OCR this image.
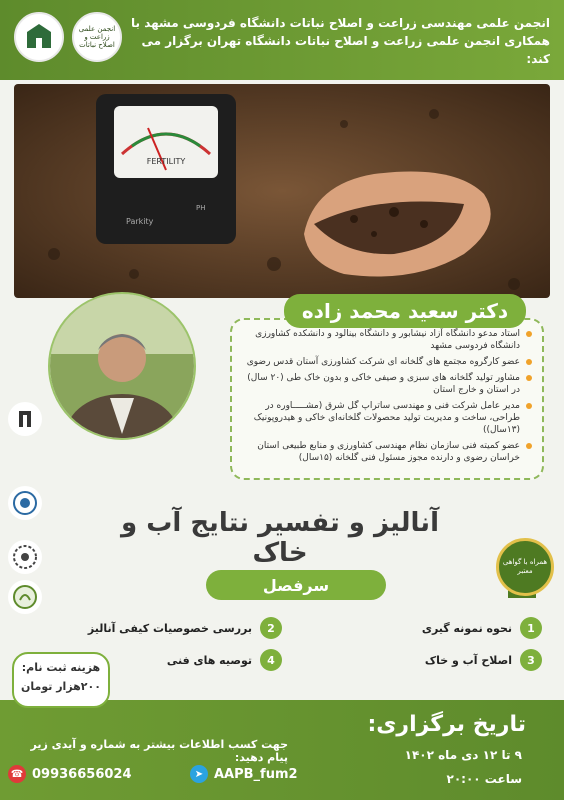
انجمن علمی زراعت و اصلاح نباتات
انجمن علمی مهندسی زراعت و اصلاح نباتات دانشگاه فردوسی مشهد با
همکاری انجمن علمی زراعت و اصلاح نباتات دانشگاه تهران برگزار می کند:
FERTILITY
Parkity
PH
استاد مدعو دانشگاه آزاد نیشابور و دانشگاه بینالود و دانشکده کشاورزی دانشگاه فردوسی مشهد
عضو کارگروه مجتمع های گلخانه ای شرکت کشاورزی آستان قدس رضوی
مشاور تولید گلخانه های سبزی و صیفی خاکی و بدون خاک طی (۲۰ سال) در استان و خارج استان
مدیر عامل شرکت فنی و مهندسی ساتراپ گل شرق (مشـــــاوره در طراحی، ساخت و مدیریت تولید محصولات گلخانه‌ای خاکی و هیدروپونیک (۱۳سال))
عضو کمیته فنی سازمان نظام مهندسی کشاورزی و منابع طبیعی استان خراسان رضوی و دارنده مجوز مسئول فنی گلخانه (۱۵سال)
دکتر سعید محمد زاده
آنالیز و تفسیر نتایج آب و خاک	همراه با گواهی معتبر
سرفصل
1
نحوه نمونه گیری
3
اصلاح آب و خاک
2
بررسی خصوصیات کیفی آنالیز
4
توصیه های فنی
هزینه ثبت نام:
۲۰۰هزار تومان
تاریخ برگزاری:
۹ تا ۱۲ دی ماه ۱۴۰۲
ساعت ۲۰:۰۰
جهت کسب اطلاعات بیشتر به شماره و آیدی زیر پیام دهید:
☎ 09936656024	➤ AAPB_fum2
